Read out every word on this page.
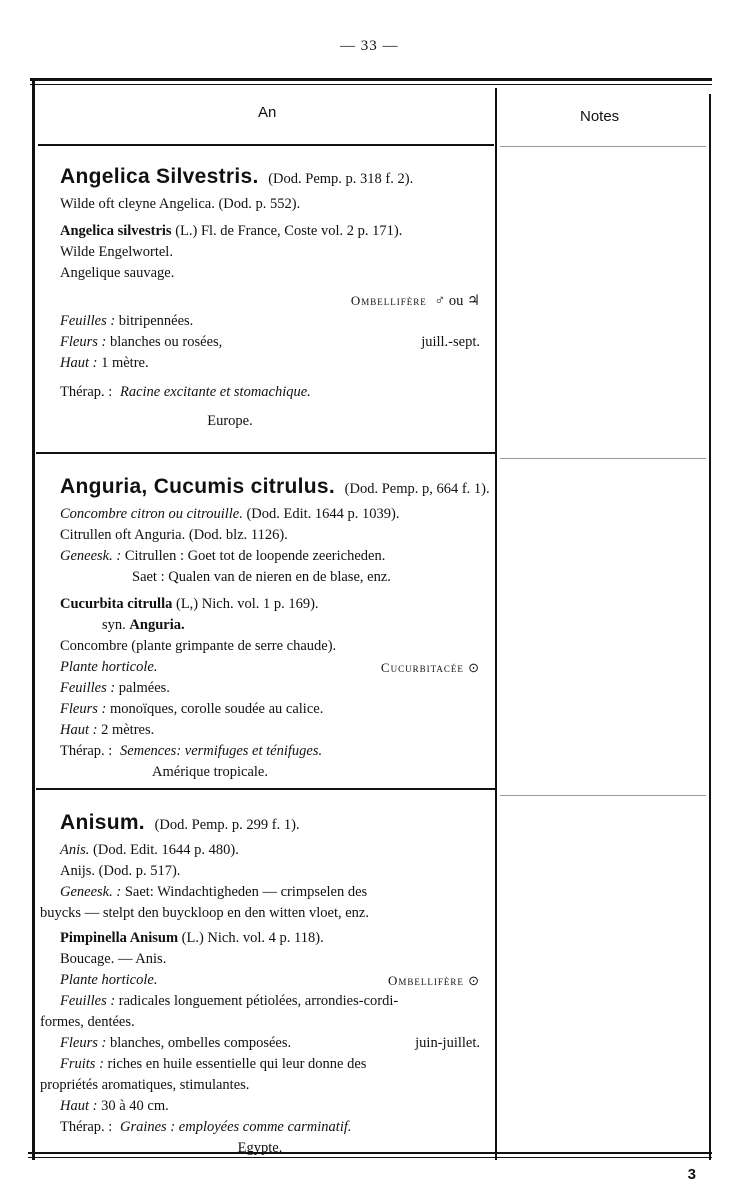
— 33 —
An	Notes
Angelica Silvestris. (Dod. Pemp. p. 318 f. 2).
Wilde oft cleyne Angelica. (Dod. p. 552).
Angelica silvestris (L.) Fl. de France, Coste vol. 2 p. 171).
Wilde Engelwortel.
Angelique sauvage.
Ombellifère ♂ ou ♃
Feuilles : bitripennées.
Fleurs : blanches ou rosées,	juill.-sept.
Haut : 1 mètre.
Thérap. : Racine excitante et stomachique.
Europe.
Anguria, Cucumis citrulus. (Dod. Pemp. p, 664 f. 1).
Concombre citron ou citrouille. (Dod. Edit. 1644 p. 1039).
Citrullen oft Anguria. (Dod. blz. 1126).
Geneesk. : Citrullen : Goet tot de loopende zeericheden.
Saet : Qualen van de nieren en de blase, enz.
Cucurbita citrulla (L,) Nich. vol. 1 p. 169).
syn. Anguria.
Concombre (plante grimpante de serre chaude).
Plante horticole.	Cucurbitacée ⊙
Feuilles : palmées.
Fleurs : monoïques, corolle soudée au calice.
Haut : 2 mètres.
Thérap. : Semences: vermifuges et ténifuges.
Amérique tropicale.
Anisum. (Dod. Pemp. p. 299 f. 1).
Anis. (Dod. Edit. 1644 p. 480).
Anijs. (Dod. p. 517).
Geneesk. : Saet: Windachtigheden — crimpselen des
buycks — stelpt den buyckloop en den witten vloet, enz.
Pimpinella Anisum (L.) Nich. vol. 4 p. 118).
Boucage. — Anis.
Plante horticole.	Ombellifère ⊙
Feuilles : radicales longuement pétiolées, arrondies-cordi-
formes, dentées.
Fleurs : blanches, ombelles composées.	juin-juillet.
Fruits : riches en huile essentielle qui leur donne des
propriétés aromatiques, stimulantes.
Haut : 30 à 40 cm.
Thérap. : Graines : employées comme carminatif.
Egypte.
3
